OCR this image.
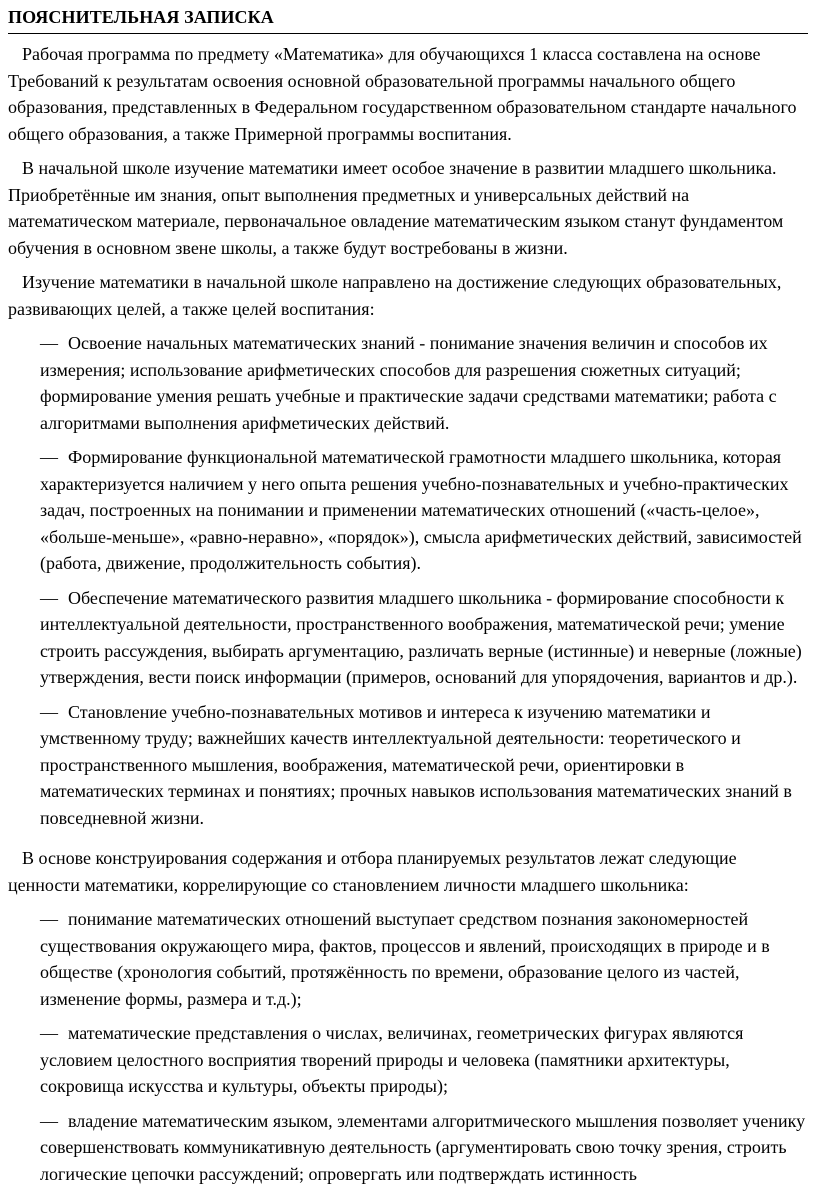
ПОЯСНИТЕЛЬНАЯ ЗАПИСКА

Рабочая программа по предмету «Математика» для обучающихся 1 класса составлена на основе Требований к результатам освоения основной образовательной программы начального общего образования, представленных в Федеральном государственном образовательном стандарте начального общего образования, а также Примерной программы воспитания.

В начальной школе изучение математики имеет особое значение в развитии младшего школьника. Приобретённые им знания, опыт выполнения предметных и универсальных действий на математическом материале, первоначальное овладение математическим языком станут фундаментом обучения в основном звене школы, а также будут востребованы в жизни.

Изучение математики в начальной школе направлено на достижение следующих образовательных, развивающих целей, а также целей воспитания:

— Освоение начальных математических знаний - понимание значения величин и способов их измерения; использование арифметических способов для разрешения сюжетных ситуаций; формирование умения решать учебные и практические задачи средствами математики; работа с алгоритмами выполнения арифметических действий.

— Формирование функциональной математической грамотности младшего школьника, которая характеризуется наличием у него опыта решения учебно-познавательных и учебно-практических задач, построенных на понимании и применении математических отношений («часть-целое», «больше-меньше», «равно-неравно», «порядок»), смысла арифметических действий, зависимостей (работа, движение, продолжительность события).

— Обеспечение математического развития младшего школьника - формирование способности к интеллектуальной деятельности, пространственного воображения, математической речи; умение строить рассуждения, выбирать аргументацию, различать верные (истинные) и неверные (ложные) утверждения, вести поиск информации (примеров, оснований для упорядочения, вариантов и др.).

— Становление учебно-познавательных мотивов и интереса к изучению математики и умственному труду; важнейших качеств интеллектуальной деятельности: теоретического и пространственного мышления, воображения, математической речи, ориентировки в математических терминах и понятиях; прочных навыков использования математических знаний в повседневной жизни.

В основе конструирования содержания и отбора планируемых результатов лежат следующие ценности математики, коррелирующие со становлением личности младшего школьника:

— понимание математических отношений выступает средством познания закономерностей существования окружающего мира, фактов, процессов и явлений, происходящих в природе и в обществе (хронология событий, протяжённость по времени, образование целого из частей, изменение формы, размера и т.д.);

— математические представления о числах, величинах, геометрических фигурах являются условием целостного восприятия творений природы и человека (памятники архитектуры, сокровища искусства и культуры, объекты природы);

— владение математическим языком, элементами алгоритмического мышления позволяет ученику совершенствовать коммуникативную деятельность (аргументировать свою точку зрения, строить логические цепочки рассуждений; опровергать или подтверждать истинность
